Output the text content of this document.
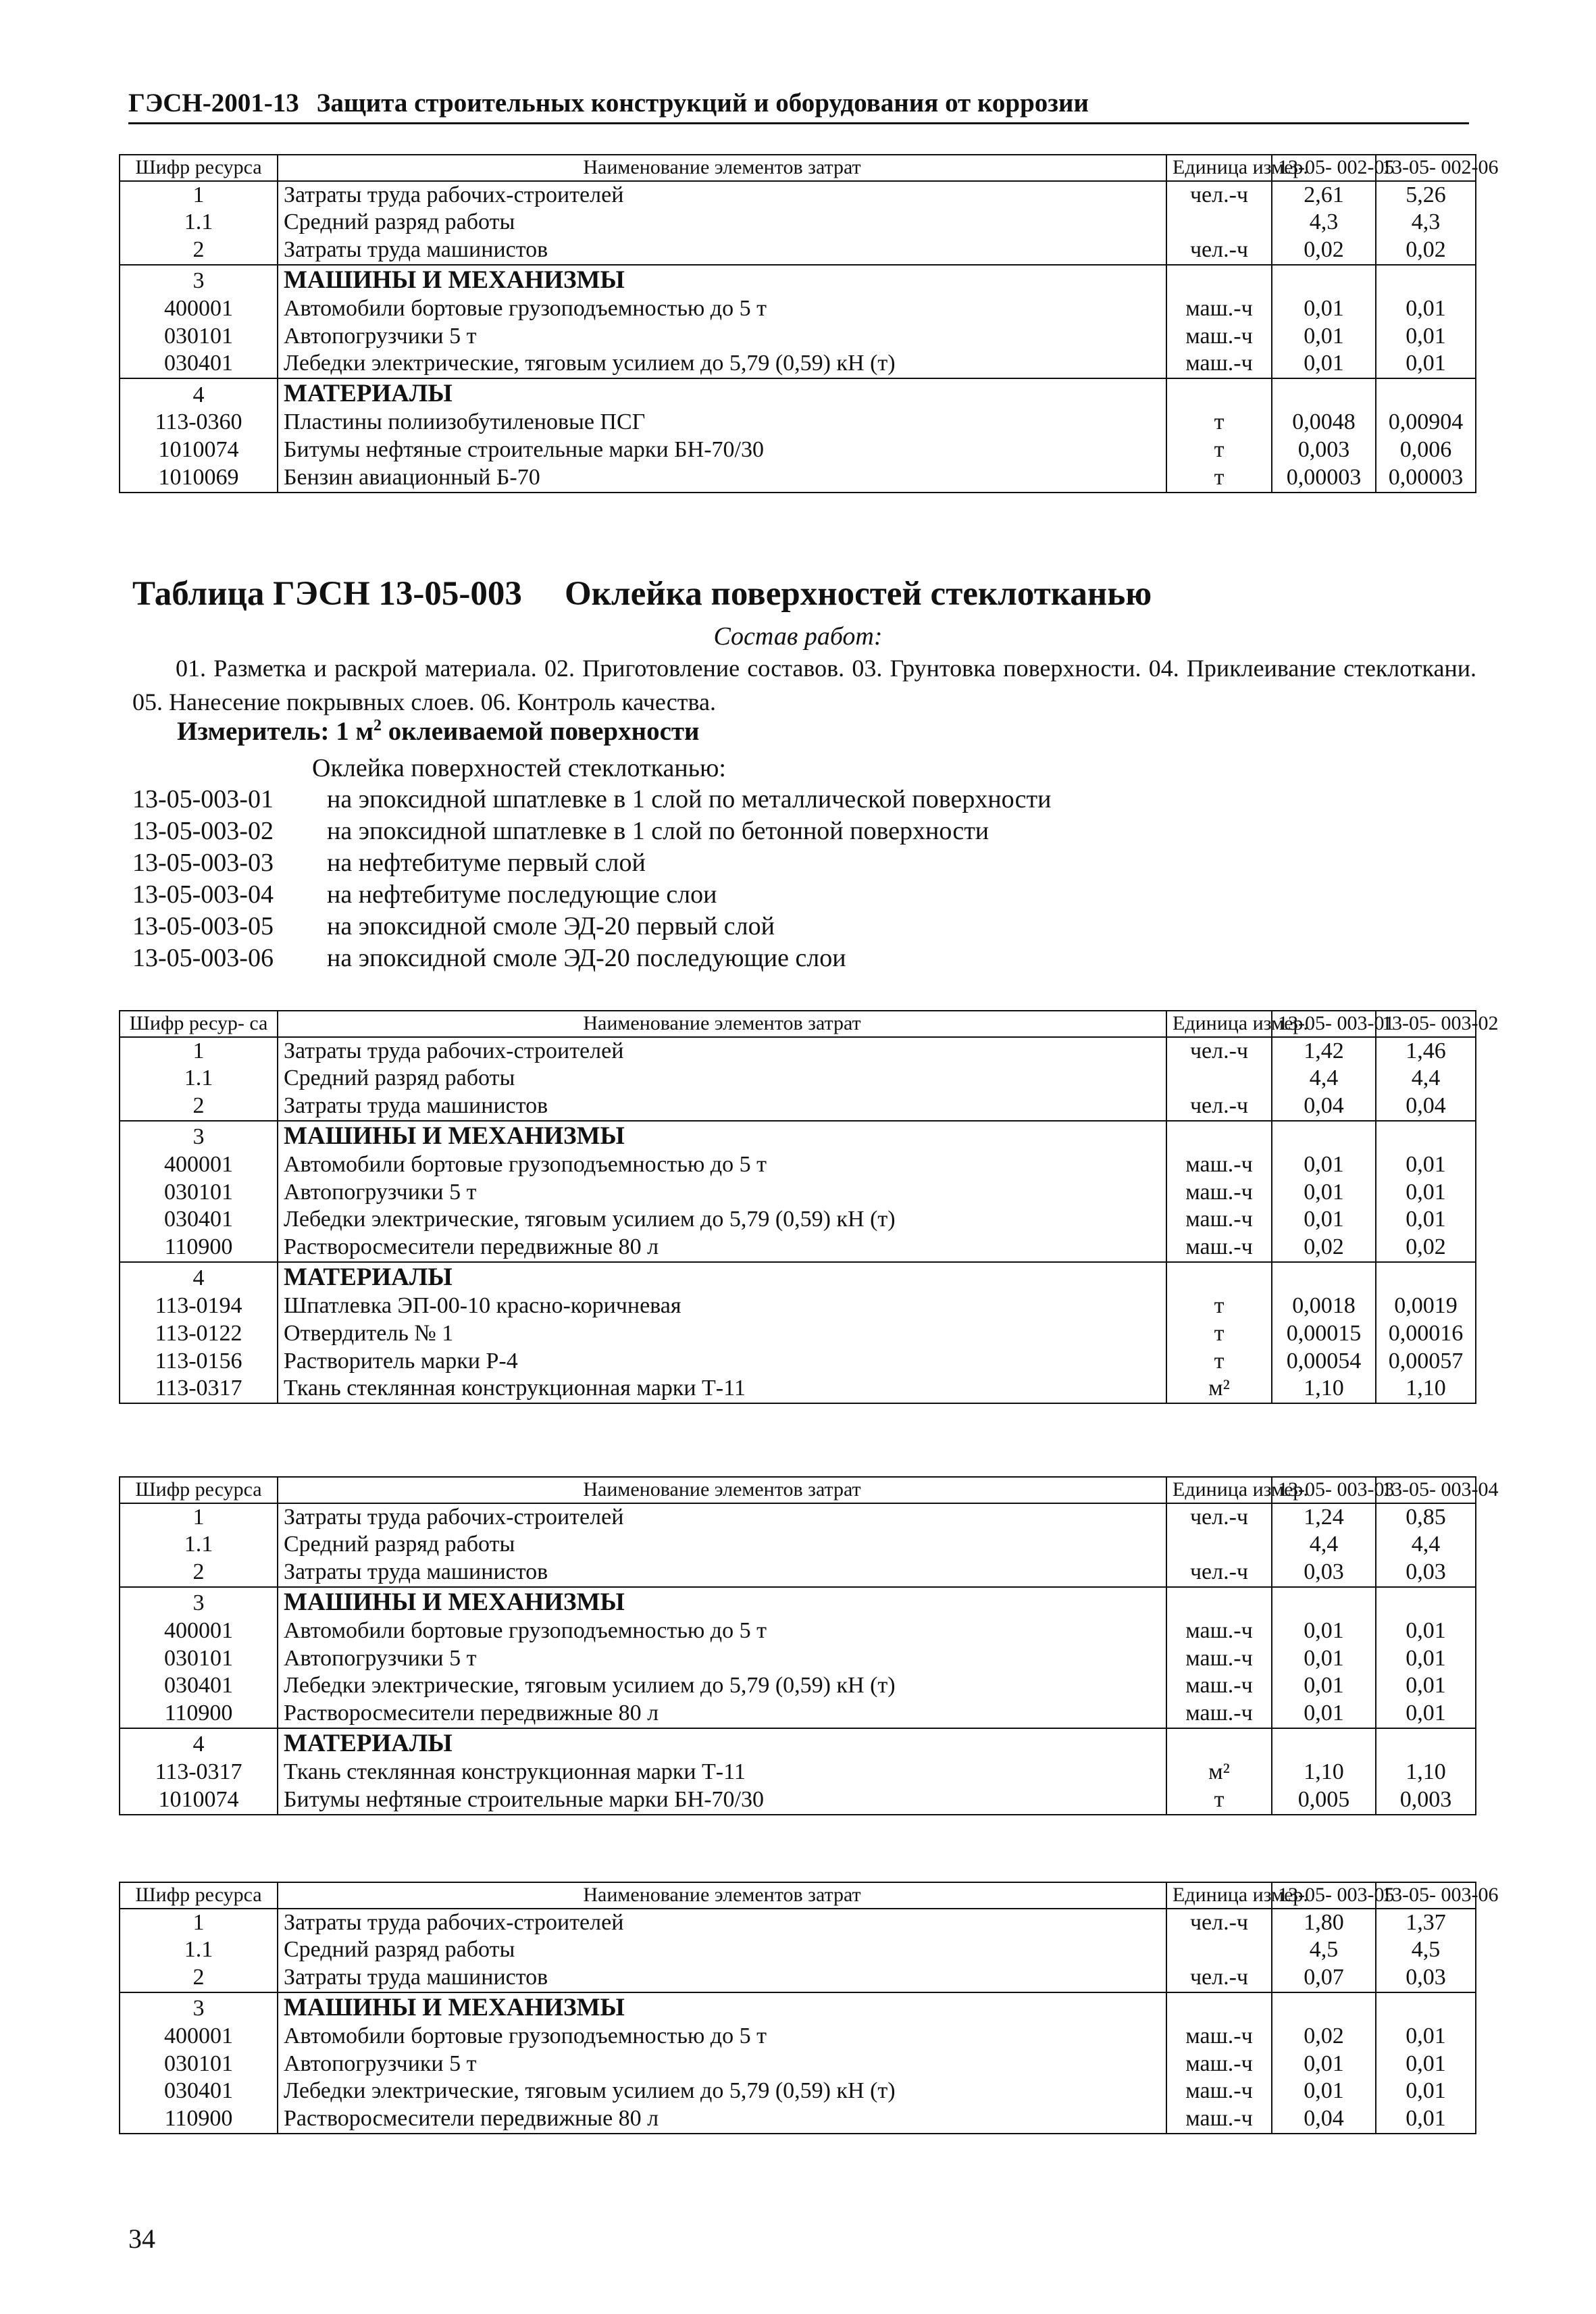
ГЭСН-2001-13 Защита строительных конструкций и оборудования от коррозии
Шифр ресурса	Наименование элементов затрат	Единица измер.	13-05- 002-05	13-05- 002-06
1	Затраты труда рабочих-строителей	чел.-ч	2,61	5,26
1.1	Средний разряд работы		4,3	4,3
2	Затраты труда машинистов	чел.-ч	0,02	0,02
3	МАШИНЫ И МЕХАНИЗМЫ			
400001	Автомобили бортовые грузоподъемностью до 5 т	маш.-ч	0,01	0,01
030101	Автопогрузчики 5 т	маш.-ч	0,01	0,01
030401	Лебедки электрические, тяговым усилием до 5,79 (0,59) кН (т)	маш.-ч	0,01	0,01
4	МАТЕРИАЛЫ			
113-0360	Пластины полиизобутиленовые ПСГ	т	0,0048	0,00904
1010074	Битумы нефтяные строительные марки БН-70/30	т	0,003	0,006
1010069	Бензин авиационный Б-70	т	0,00003	0,00003
Таблица ГЭСН 13-05-003 Оклейка поверхностей стеклотканью
Состав работ:
01. Разметка и раскрой материала. 02. Приготовление составов. 03. Грунтовка поверхности. 04. Приклеивание стеклоткани. 05. Нанесение покрывных слоев. 06. Контроль качества.
Измеритель: 1 $м^2$ оклеиваемой поверхности
Оклейка поверхностей стеклотканью:
13-05-003-01 на эпоксидной шпатлевке в 1 слой по металлической поверхности
13-05-003-02 на эпоксидной шпатлевке в 1 слой по бетонной поверхности
13-05-003-03 на нефтебитуме первый слой
13-05-003-04 на нефтебитуме последующие слои
13-05-003-05 на эпоксидной смоле ЭД-20 первый слой
13-05-003-06 на эпоксидной смоле ЭД-20 последующие слои
Шифр ресур- са	Наименование элементов затрат	Единица измер.	13-05- 003-01	13-05- 003-02
1	Затраты труда рабочих-строителей	чел.-ч	1,42	1,46
1.1	Средний разряд работы		4,4	4,4
2	Затраты труда машинистов	чел.-ч	0,04	0,04
3	МАШИНЫ И МЕХАНИЗМЫ			
400001	Автомобили бортовые грузоподъемностью до 5 т	маш.-ч	0,01	0,01
030101	Автопогрузчики 5 т	маш.-ч	0,01	0,01
030401	Лебедки электрические, тяговым усилием до 5,79 (0,59) кН (т)	маш.-ч	0,01	0,01
110900	Растворосмесители передвижные 80 л	маш.-ч	0,02	0,02
4	МАТЕРИАЛЫ			
113-0194	Шпатлевка ЭП-00-10 красно-коричневая	т	0,0018	0,0019
113-0122	Отвердитель № 1	т	0,00015	0,00016
113-0156	Растворитель марки Р-4	т	0,00054	0,00057
113-0317	Ткань стеклянная конструкционная марки Т-11	м²	1,10	1,10
Шифр ресурса	Наименование элементов затрат	Единица измер.	13-05- 003-03	13-05- 003-04
1	Затраты труда рабочих-строителей	чел.-ч	1,24	0,85
1.1	Средний разряд работы		4,4	4,4
2	Затраты труда машинистов	чел.-ч	0,03	0,03
3	МАШИНЫ И МЕХАНИЗМЫ			
400001	Автомобили бортовые грузоподъемностью до 5 т	маш.-ч	0,01	0,01
030101	Автопогрузчики 5 т	маш.-ч	0,01	0,01
030401	Лебедки электрические, тяговым усилием до 5,79 (0,59) кН (т)	маш.-ч	0,01	0,01
110900	Растворосмесители передвижные 80 л	маш.-ч	0,01	0,01
4	МАТЕРИАЛЫ			
113-0317	Ткань стеклянная конструкционная марки Т-11	м²	1,10	1,10
1010074	Битумы нефтяные строительные марки БН-70/30	т	0,005	0,003
Шифр ресурса	Наименование элементов затрат	Единица измер.	13-05- 003-05	13-05- 003-06
1	Затраты труда рабочих-строителей	чел.-ч	1,80	1,37
1.1	Средний разряд работы		4,5	4,5
2	Затраты труда машинистов	чел.-ч	0,07	0,03
3	МАШИНЫ И МЕХАНИЗМЫ			
400001	Автомобили бортовые грузоподъемностью до 5 т	маш.-ч	0,02	0,01
030101	Автопогрузчики 5 т	маш.-ч	0,01	0,01
030401	Лебедки электрические, тяговым усилием до 5,79 (0,59) кН (т)	маш.-ч	0,01	0,01
110900	Растворосмесители передвижные 80 л	маш.-ч	0,04	0,01
34
